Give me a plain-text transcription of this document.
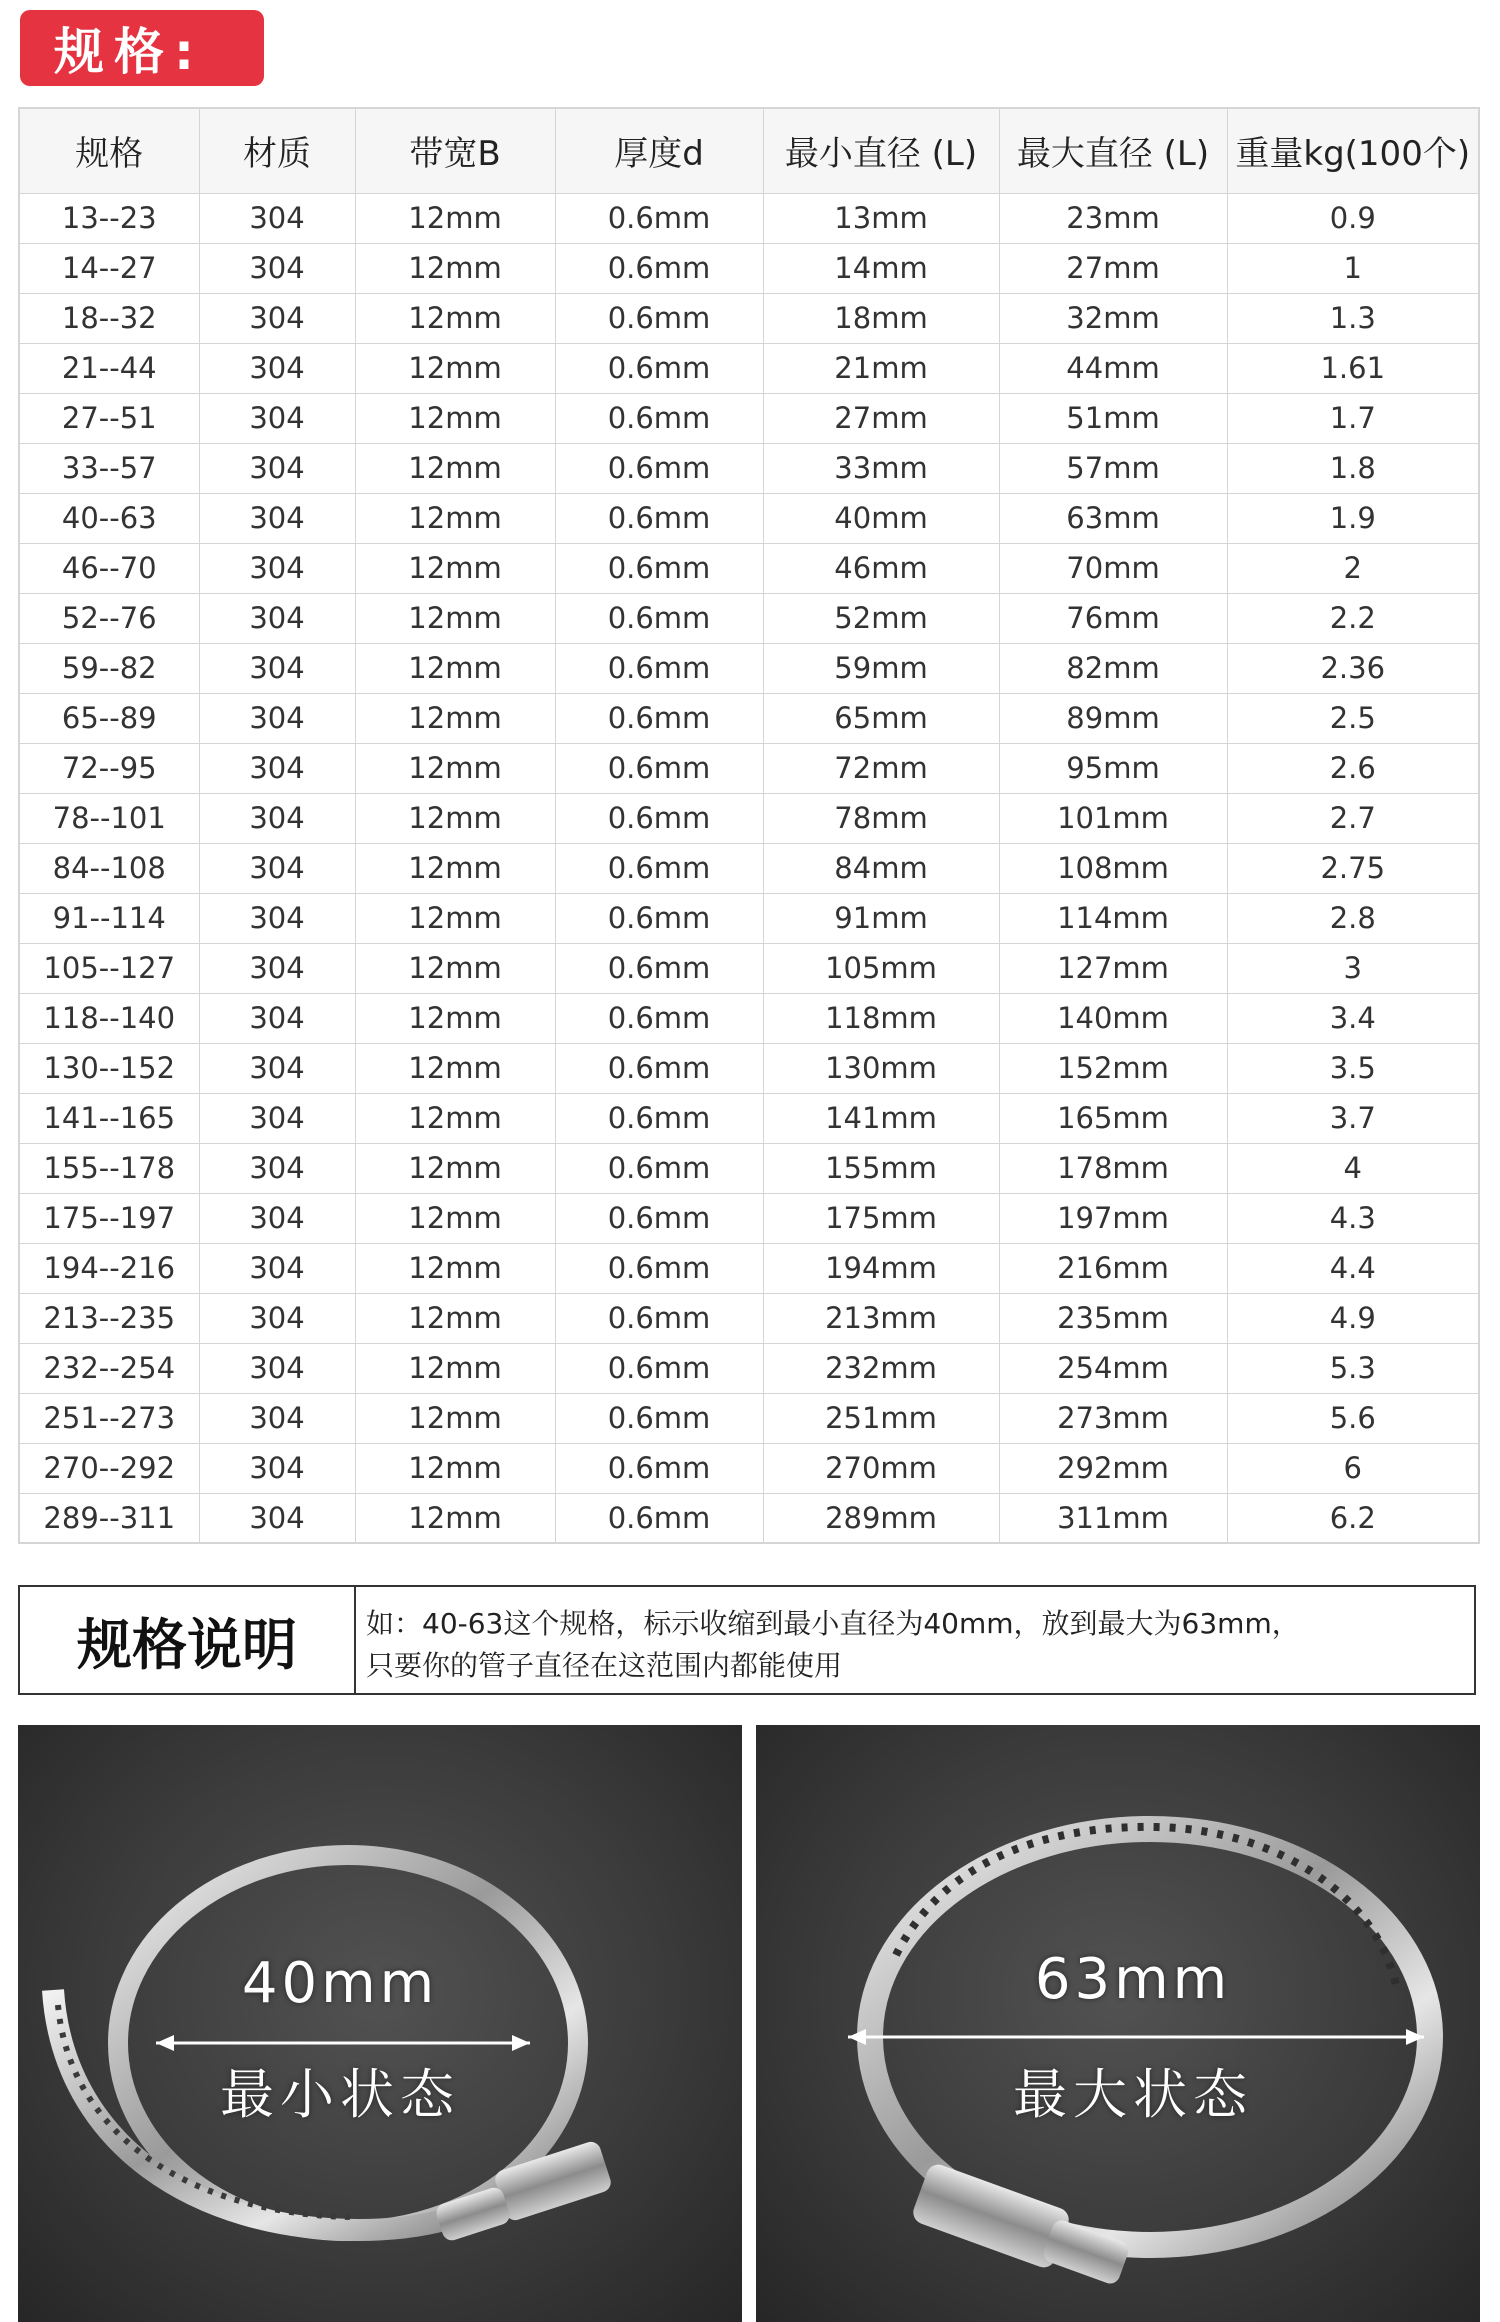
规格:
规格	材质	带宽B	厚度d	最小直径 (L)	最大直径 (L)	重量kg(100个)
13--23	304	12mm	0.6mm	13mm	23mm	0.9
14--27	304	12mm	0.6mm	14mm	27mm	1
18--32	304	12mm	0.6mm	18mm	32mm	1.3
21--44	304	12mm	0.6mm	21mm	44mm	1.61
27--51	304	12mm	0.6mm	27mm	51mm	1.7
33--57	304	12mm	0.6mm	33mm	57mm	1.8
40--63	304	12mm	0.6mm	40mm	63mm	1.9
46--70	304	12mm	0.6mm	46mm	70mm	2
52--76	304	12mm	0.6mm	52mm	76mm	2.2
59--82	304	12mm	0.6mm	59mm	82mm	2.36
65--89	304	12mm	0.6mm	65mm	89mm	2.5
72--95	304	12mm	0.6mm	72mm	95mm	2.6
78--101	304	12mm	0.6mm	78mm	101mm	2.7
84--108	304	12mm	0.6mm	84mm	108mm	2.75
91--114	304	12mm	0.6mm	91mm	114mm	2.8
105--127	304	12mm	0.6mm	105mm	127mm	3
118--140	304	12mm	0.6mm	118mm	140mm	3.4
130--152	304	12mm	0.6mm	130mm	152mm	3.5
141--165	304	12mm	0.6mm	141mm	165mm	3.7
155--178	304	12mm	0.6mm	155mm	178mm	4
175--197	304	12mm	0.6mm	175mm	197mm	4.3
194--216	304	12mm	0.6mm	194mm	216mm	4.4
213--235	304	12mm	0.6mm	213mm	235mm	4.9
232--254	304	12mm	0.6mm	232mm	254mm	5.3
251--273	304	12mm	0.6mm	251mm	273mm	5.6
270--292	304	12mm	0.6mm	270mm	292mm	6
289--311	304	12mm	0.6mm	289mm	311mm	6.2
规格说明	如：40-63这个规格，标示收缩到最小直径为40mm，放到最大为63mm，
只要你的管子直径在这范围内都能使用
40mm
最小状态
63mm
最大状态
